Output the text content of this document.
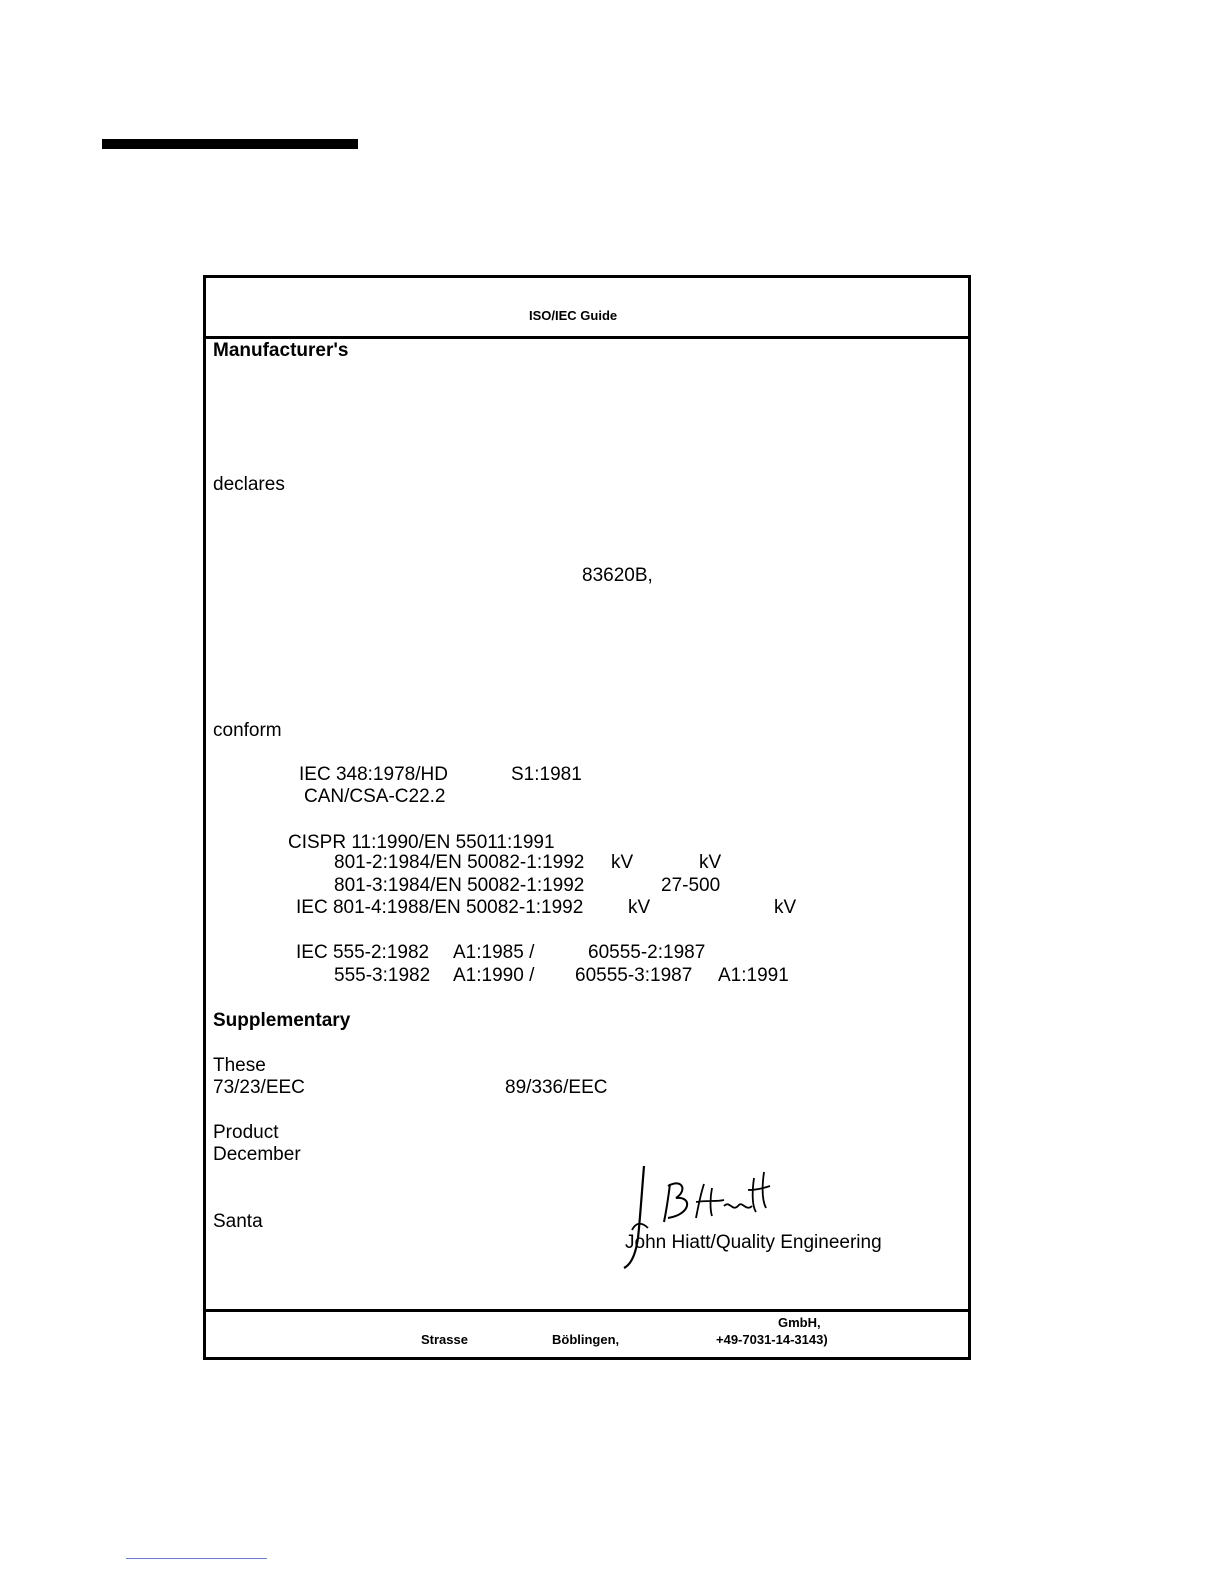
ISO/IEC Guide
Manufacturer's
declares
83620B,
conform
IEC 348:1978/HD	S1:1981
CAN/CSA-C22.2
CISPR 11:1990/EN 55011:1991
801-2:1984/EN 50082-1:1992 kV	kV
801-3:1984/EN 50082-1:1992	27-500
IEC 801-4:1988/EN 50082-1:1992 kV	kV
IEC 555-2:1982 A1:1985 /	60555-2:1987
555-3:1982 A1:1990 / 60555-3:1987 A1:1991
Supplementary
These
73/23/EEC	89/336/EEC
Product
December
Santa
John Hiatt/Quality Engineering
GmbH,
Strasse	Böblingen,	+49-7031-14-3143)
